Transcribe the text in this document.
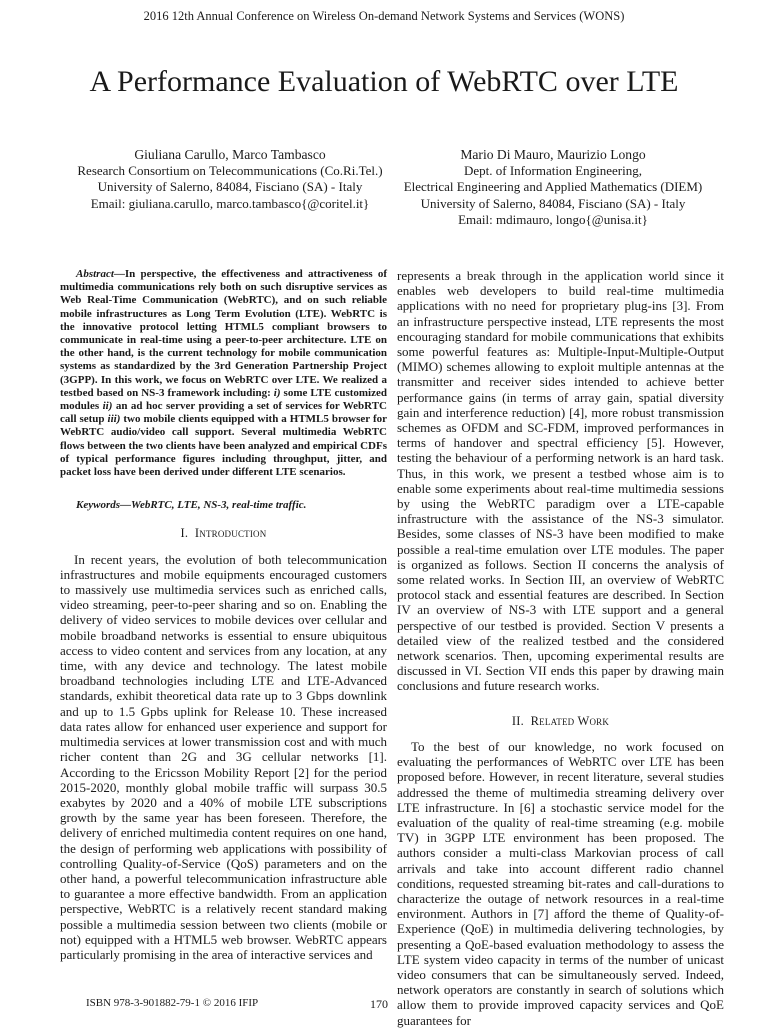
2016 12th Annual Conference on Wireless On-demand Network Systems and Services (WONS)
A Performance Evaluation of WebRTC over LTE
Giuliana Carullo, Marco Tambasco
Research Consortium on Telecommunications (Co.Ri.Tel.)
University of Salerno, 84084, Fisciano (SA) - Italy
Email: giuliana.carullo, marco.tambasco{@coritel.it}
Mario Di Mauro, Maurizio Longo
Dept. of Information Engineering,
Electrical Engineering and Applied Mathematics (DIEM)
University of Salerno, 84084, Fisciano (SA) - Italy
Email: mdimauro, longo{@unisa.it}

Abstract—In perspective, the effectiveness and attractiveness of multimedia communications rely both on such disruptive services as Web Real-Time Communication (WebRTC), and on such reliable mobile infrastructures as Long Term Evolution (LTE). WebRTC is the innovative protocol letting HTML5 compliant browsers to communicate in real-time using a peer-to-peer architecture. LTE on the other hand, is the current technology for mobile communication systems as standardized by the 3rd Generation Partnership Project (3GPP). In this work, we focus on WebRTC over LTE. We realized a testbed based on NS-3 framework including: i) some LTE customized modules ii) an ad hoc server providing a set of services for WebRTC call setup iii) two mobile clients equipped with a HTML5 browser for WebRTC audio/video call support. Several multimedia WebRTC flows between the two clients have been analyzed and empirical CDFs of typical performance figures including throughput, jitter, and packet loss have been derived under different LTE scenarios.

Keywords—WebRTC, LTE, NS-3, real-time traffic.

I. Introduction

In recent years, the evolution of both telecommunication infrastructures and mobile equipments encouraged customers to massively use multimedia services such as enriched calls, video streaming, peer-to-peer sharing and so on. Enabling the delivery of video services to mobile devices over cellular and mobile broadband networks is essential to ensure ubiquitous access to video content and services from any location, at any time, with any device and technology. The latest mobile broadband technologies including LTE and LTE-Advanced standards, exhibit theoretical data rate up to 3 Gbps downlink and up to 1.5 Gpbs uplink for Release 10. These increased data rates allow for enhanced user experience and support for multimedia services at lower transmission cost and with much richer content than 2G and 3G cellular networks [1]. According to the Ericsson Mobility Report [2] for the period 2015-2020, monthly global mobile traffic will surpass 30.5 exabytes by 2020 and a 40% of mobile LTE subscriptions growth by the same year has been foreseen. Therefore, the delivery of enriched multimedia content requires on one hand, the design of performing web applications with possibility of controlling Quality-of-Service (QoS) parameters and on the other hand, a powerful telecommunication infrastructure able to guarantee a more effective bandwidth. From an application perspective, WebRTC is a relatively recent standard making possible a multimedia session between two clients (mobile or not) equipped with a HTML5 web browser. WebRTC appears particularly promising in the area of interactive services and

represents a break through in the application world since it enables web developers to build real-time multimedia applications with no need for proprietary plug-ins [3]. From an infrastructure perspective instead, LTE represents the most encouraging standard for mobile communications that exhibits some powerful features as: Multiple-Input-Multiple-Output (MIMO) schemes allowing to exploit multiple antennas at the transmitter and receiver sides intended to achieve better performance gains (in terms of array gain, spatial diversity gain and interference reduction) [4], more robust transmission schemes as OFDM and SC-FDM, improved performances in terms of handover and spectral efficiency [5]. However, testing the behaviour of a performing network is an hard task. Thus, in this work, we present a testbed whose aim is to enable some experiments about real-time multimedia sessions by using the WebRTC paradigm over a LTE-capable infrastructure with the assistance of the NS-3 simulator. Besides, some classes of NS-3 have been modified to make possible a real-time emulation over LTE modules. The paper is organized as follows. Section II concerns the analysis of some related works. In Section III, an overview of WebRTC protocol stack and essential features are described. In Section IV an overview of NS-3 with LTE support and a general perspective of our testbed is provided. Section V presents a detailed view of the realized testbed and the considered network scenarios. Then, upcoming experimental results are discussed in VI. Section VII ends this paper by drawing main conclusions and future research works.

II. Related Work

To the best of our knowledge, no work focused on evaluating the performances of WebRTC over LTE has been proposed before. However, in recent literature, several studies addressed the theme of multimedia streaming delivery over LTE infrastructure. In [6] a stochastic service model for the evaluation of the quality of real-time streaming (e.g. mobile TV) in 3GPP LTE environment has been proposed. The authors consider a multi-class Markovian process of call arrivals and take into account different radio channel conditions, requested streaming bit-rates and call-durations to characterize the outage of network resources in a real-time environment. Authors in [7] afford the theme of Quality-of-Experience (QoE) in multimedia delivering technologies, by presenting a QoE-based evaluation methodology to assess the LTE system video capacity in terms of the number of unicast video consumers that can be simultaneously served. Indeed, network operators are constantly in search of solutions which allow them to provide improved capacity services and QoE guarantees for

ISBN 978-3-901882-79-1 © 2016 IFIP	170
